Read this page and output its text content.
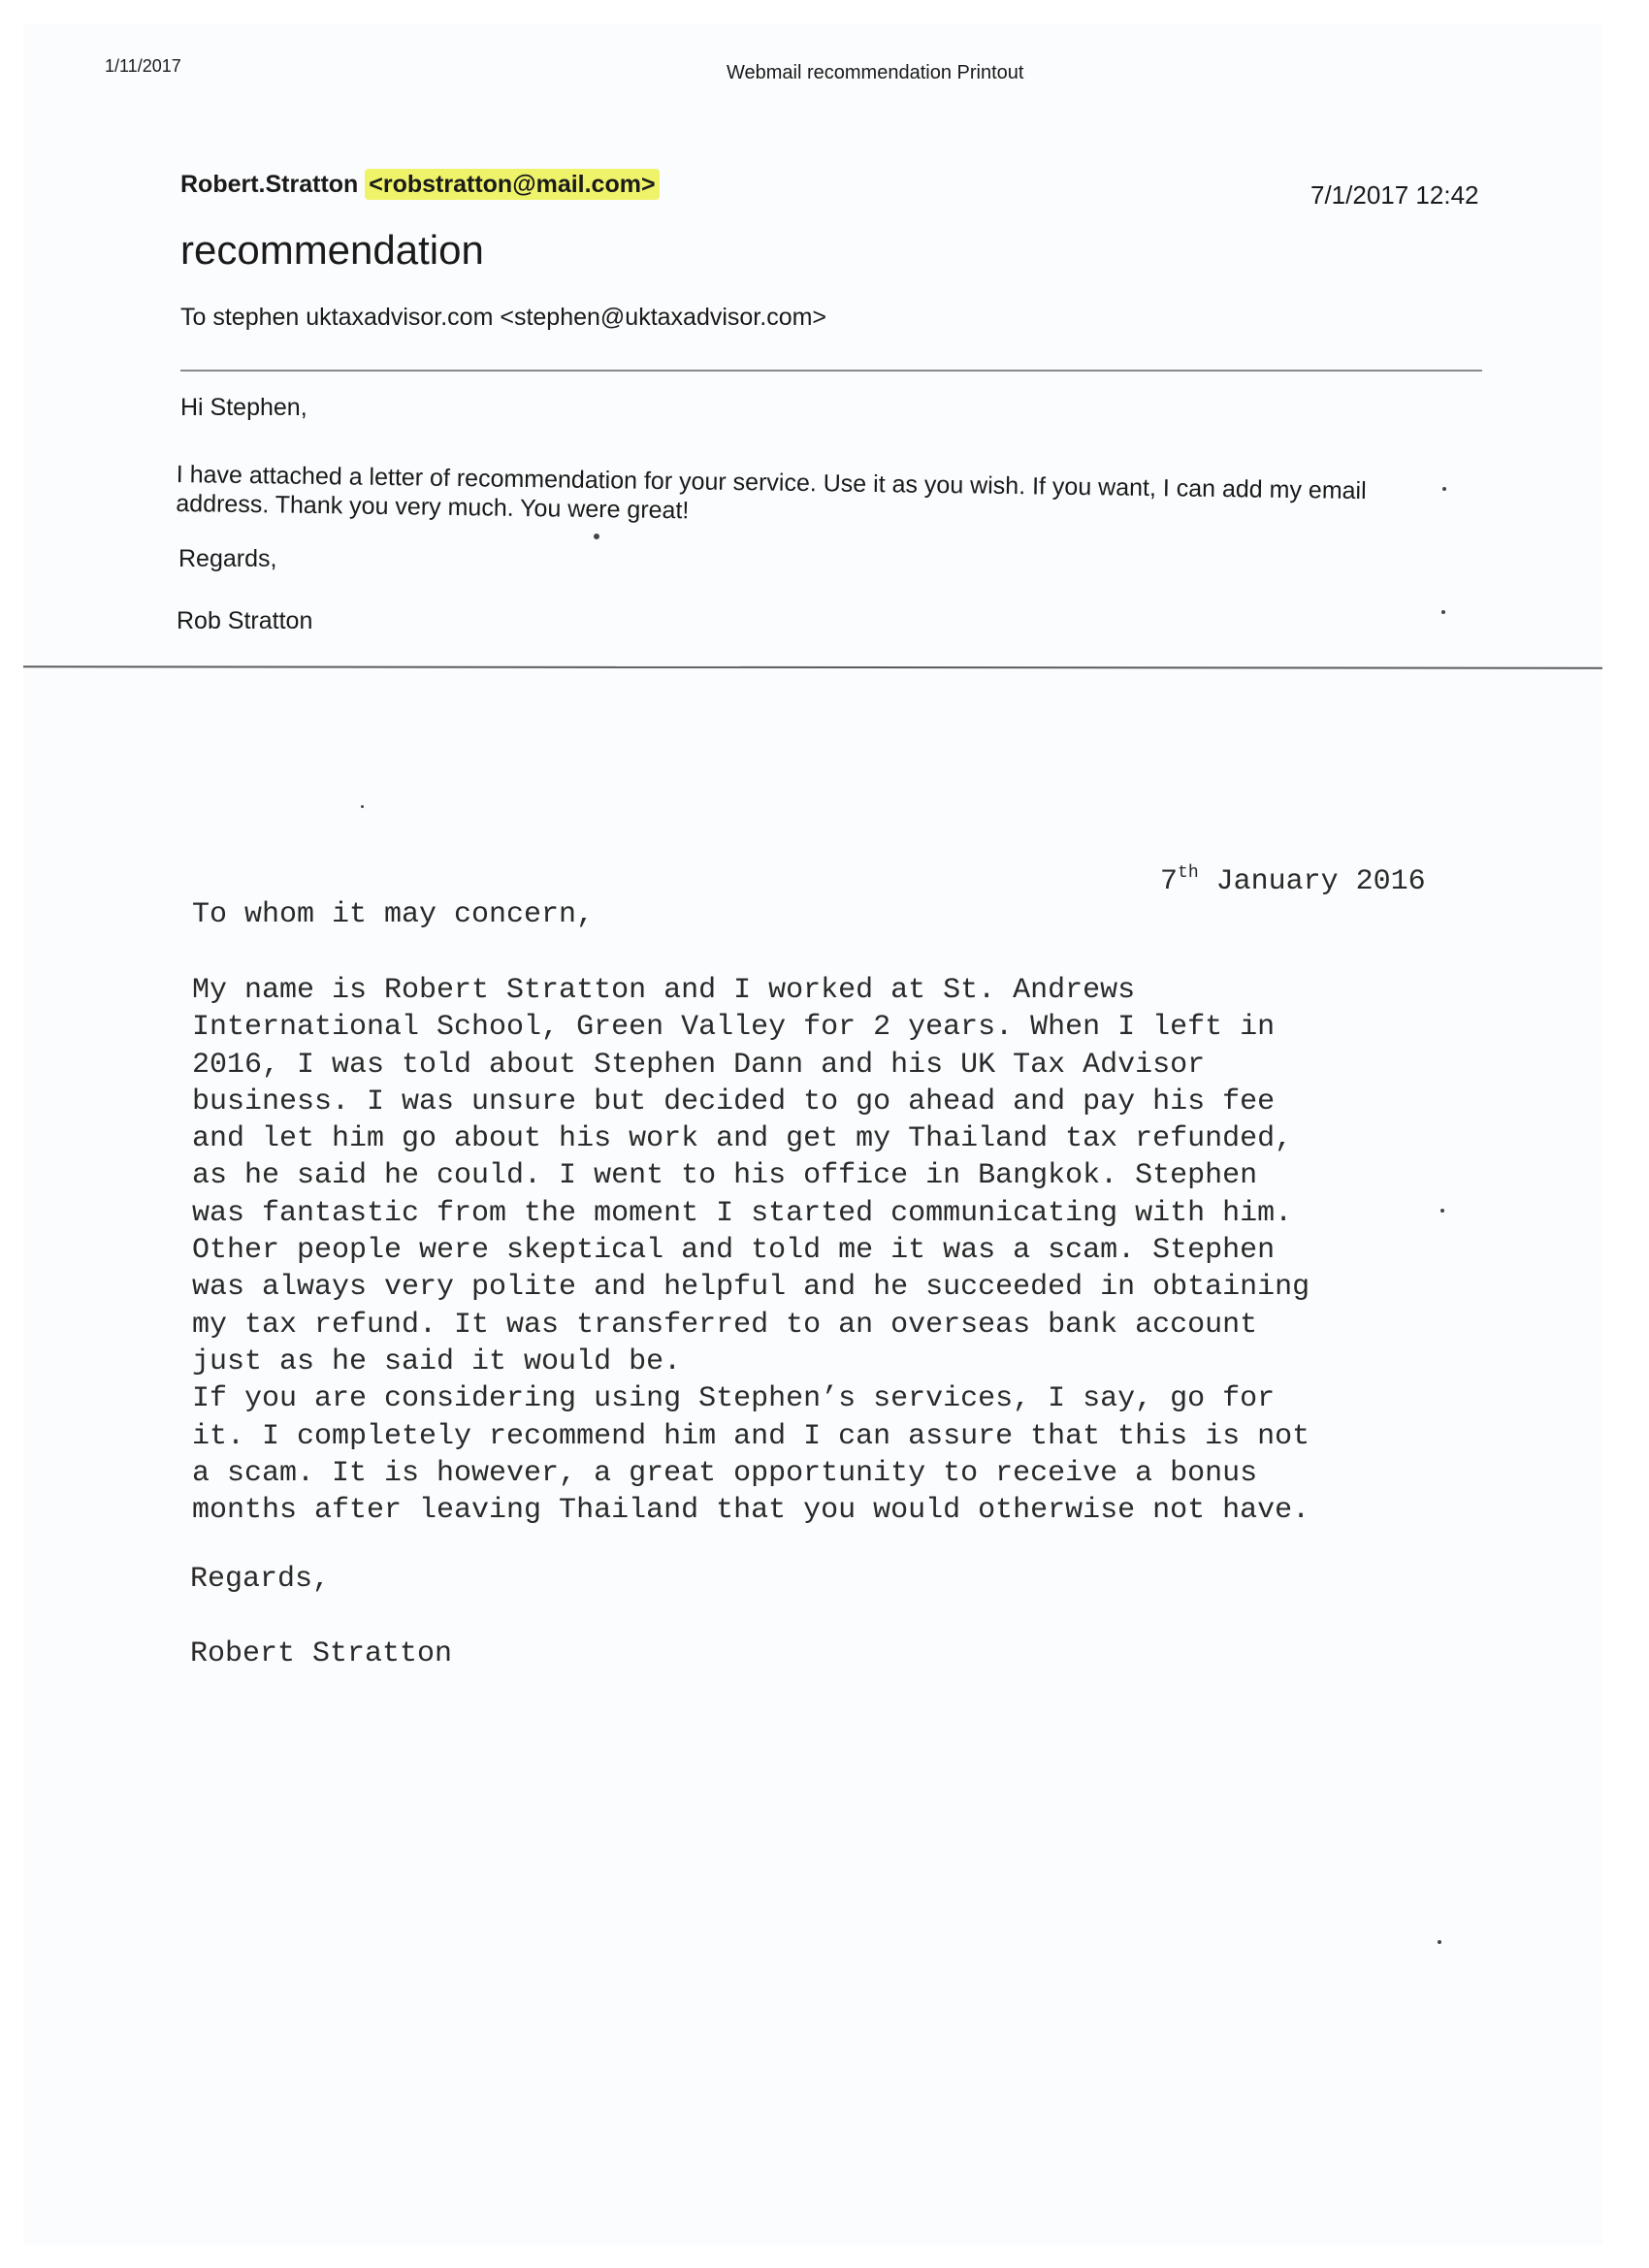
1/11/2017	Webmail recommendation Printout
Robert.Stratton <robstratton@mail.com>	7/1/2017 12:42
recommendation
To stephen uktaxadvisor.com <stephen@uktaxadvisor.com>
Hi Stephen,
I have attached a letter of recommendation for your service. Use it as you wish. If you want, I can add my email address. Thank you very much. You were great!
Regards,
Rob Stratton
7th January 2016
To whom it may concern,
My name is Robert Stratton and I worked at St. Andrews
International School, Green Valley for 2 years. When I left in
2016, I was told about Stephen Dann and his UK Tax Advisor
business. I was unsure but decided to go ahead and pay his fee
and let him go about his work and get my Thailand tax refunded,
as he said he could. I went to his office in Bangkok. Stephen
was fantastic from the moment I started communicating with him.
Other people were skeptical and told me it was a scam. Stephen
was always very polite and helpful and he succeeded in obtaining
my tax refund. It was transferred to an overseas bank account
just as he said it would be.
If you are considering using Stephen’s services, I say, go for
it. I completely recommend him and I can assure that this is not
a scam. It is however, a great opportunity to receive a bonus
months after leaving Thailand that you would otherwise not have.
Regards,
Robert Stratton
